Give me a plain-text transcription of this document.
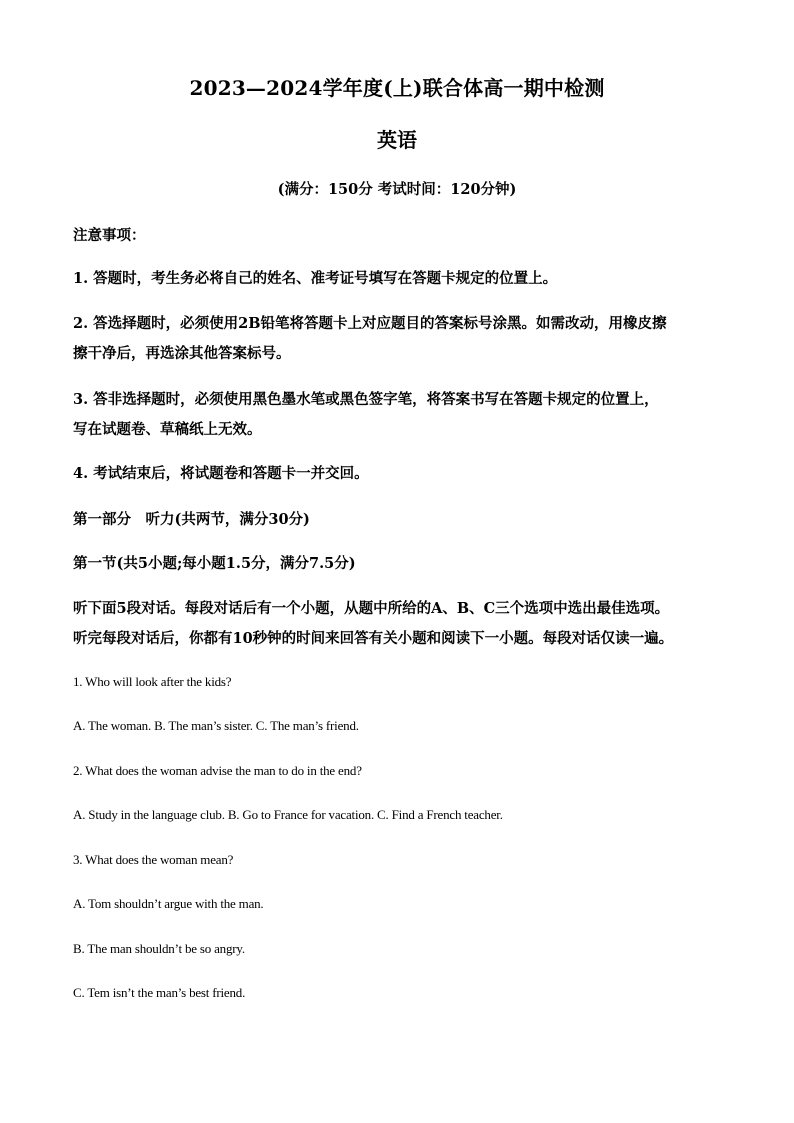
2023—2024学年度(上)联合体高一期中检测
英语
(满分：150分 考试时间：120分钟)
注意事项：
1. 答题时，考生务必将自己的姓名、准考证号填写在答题卡规定的位置上。
2. 答选择题时，必须使用2B铅笔将答题卡上对应题目的答案标号涂黑。如需改动，用橡皮擦
擦干净后，再选涂其他答案标号。
3. 答非选择题时，必须使用黑色墨水笔或黑色签字笔，将答案书写在答题卡规定的位置上，
写在试题卷、草稿纸上无效。
4. 考试结束后，将试题卷和答题卡一并交回。
第一部分　听力(共两节，满分30分)
第一节(共5小题;每小题1.5分，满分7.5分)
听下面5段对话。每段对话后有一个小题，从题中所给的A、B、C三个选项中选出最佳选项。
听完每段对话后，你都有10秒钟的时间来回答有关小题和阅读下一小题。每段对话仅读一遍。
1. Who will look after the kids?
A. The woman. B. The man’s sister. C. The man’s friend.
2. What does the woman advise the man to do in the end?
A. Study in the language club. B. Go to France for vacation. C. Find a French teacher.
3. What does the woman mean?
A. Tom shouldn’t argue with the man.
B. The man shouldn’t be so angry.
C. Tem isn’t the man’s best friend.
